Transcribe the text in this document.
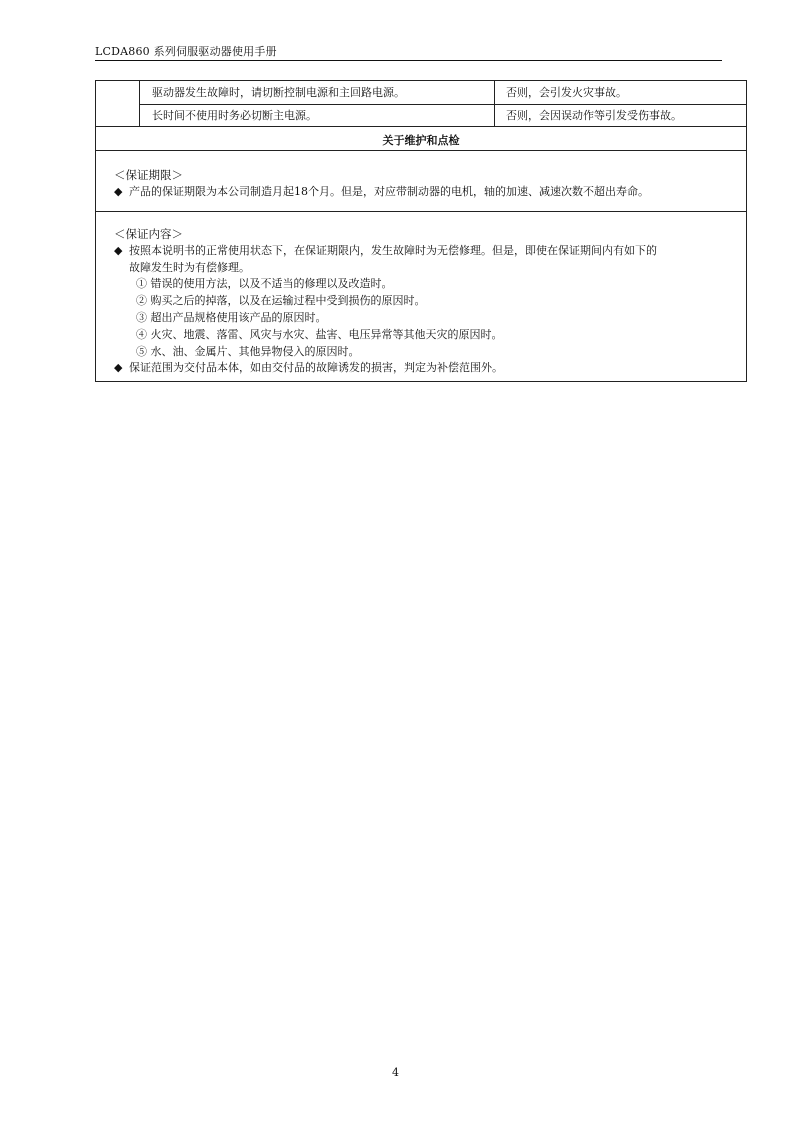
LCDA860 系列伺服驱动器使用手册
驱动器发生故障时，请切断控制电源和主回路电源。	否则，会引发火灾事故。
长时间不使用时务必切断主电源。	否则，会因误动作等引发受伤事故。
关于维护和点检
＜保证期限＞
◆ 产品的保证期限为本公司制造月起18个月。但是，对应带制动器的电机，轴的加速、减速次数不超出寿命。
＜保证内容＞
◆ 按照本说明书的正常使用状态下，在保证期限内，发生故障时为无偿修理。但是，即使在保证期间内有如下的
故障发生时为有偿修理。
① 错误的使用方法，以及不适当的修理以及改造时。
② 购买之后的掉落，以及在运输过程中受到损伤的原因时。
③ 超出产品规格使用该产品的原因时。
④ 火灾、地震、落雷、风灾与水灾、盐害、电压异常等其他天灾的原因时。
⑤ 水、油、金属片、其他异物侵入的原因时。
◆ 保证范围为交付品本体，如由交付品的故障诱发的损害，判定为补偿范围外。
4
